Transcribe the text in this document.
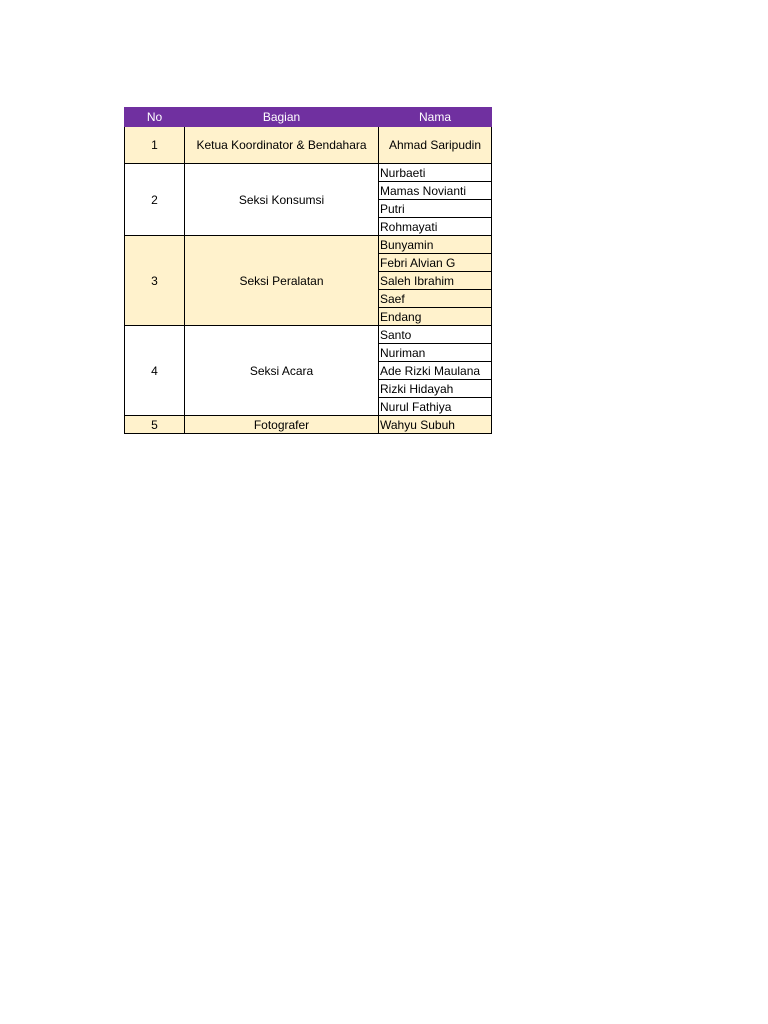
No	Bagian	Nama
1	Ketua Koordinator & Bendahara	Ahmad Saripudin
2	Seksi Konsumsi	Nurbaeti
		Mamas Novianti
		Putri
		Rohmayati
3	Seksi Peralatan	Bunyamin
		Febri Alvian G
		Saleh Ibrahim
		Saef
		Endang
4	Seksi Acara	Santo
		Nuriman
		Ade Rizki Maulana
		Rizki Hidayah
		Nurul Fathiya
5	Fotografer	Wahyu Subuh
